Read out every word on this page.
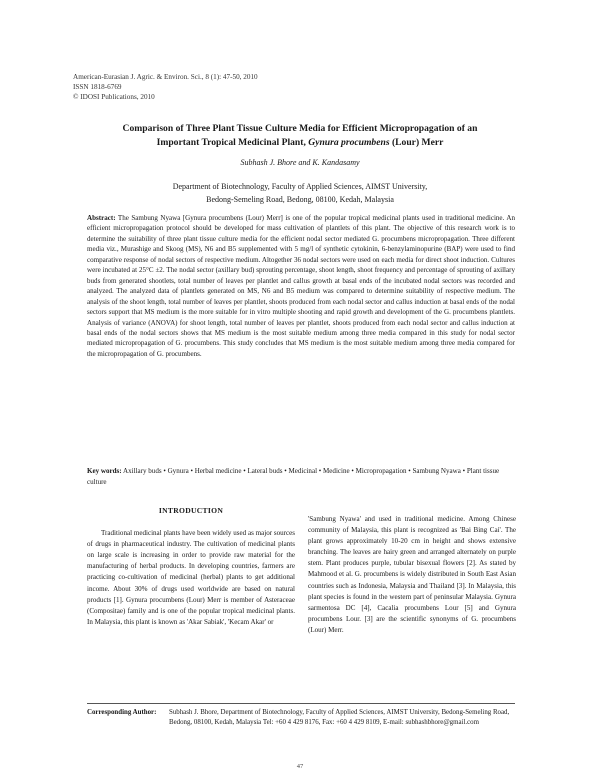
American-Eurasian J. Agric. & Environ. Sci., 8 (1): 47-50, 2010
ISSN 1818-6769
© IDOSI Publications, 2010
Comparison of Three Plant Tissue Culture Media for Efficient Micropropagation of an
Important Tropical Medicinal Plant, Gynura procumbens (Lour) Merr
Subhash J. Bhore and K. Kandasamy
Department of Biotechnology, Faculty of Applied Sciences, AIMST University,
Bedong-Semeling Road, Bedong, 08100, Kedah, Malaysia
Abstract: The Sambung Nyawa [Gynura procumbens (Lour) Merr] is one of the popular tropical medicinal plants used in traditional medicine. An efficient micropropagation protocol should be developed for mass cultivation of plantlets of this plant. The objective of this research work is to determine the suitability of three plant tissue culture media for the efficient nodal sector mediated G. procumbens micropropagation. Three different media viz., Murashige and Skoog (MS), N6 and B5 supplemented with 5 mg/l of synthetic cytokinin, 6-benzylaminopurine (BAP) were used to find comparative response of nodal sectors of respective medium. Altogether 36 nodal sectors were used on each media for direct shoot induction. Cultures were incubated at 25°C ±2. The nodal sector (axillary bud) sprouting percentage, shoot length, shoot frequency and percentage of sprouting of axillary buds from generated shootlets, total number of leaves per plantlet and callus growth at basal ends of the incubated nodal sectors was recorded and analyzed. The analyzed data of plantlets generated on MS, N6 and B5 medium was compared to determine suitability of respective medium. The analysis of the shoot length, total number of leaves per plantlet, shoots produced from each nodal sector and callus induction at basal ends of the nodal sectors support that MS medium is the more suitable for in vitro multiple shooting and rapid growth and development of the G. procumbens plantlets. Analysis of variance (ANOVA) for shoot length, total number of leaves per plantlet, shoots produced from each nodal sector and callus induction at basal ends of the nodal sectors shows that MS medium is the most suitable medium among three media compared in this study for nodal sector mediated micropropagation of G. procumbens. This study concludes that MS medium is the most suitable medium among three media compared for the micropropagation of G. procumbens.
Key words: Axillary buds • Gynura • Herbal medicine • Lateral buds • Medicinal • Medicine • Micropropagation • Sambung Nyawa • Plant tissue culture
INTRODUCTION

Traditional medicinal plants have been widely used as major sources of drugs in pharmaceutical industry. The cultivation of medicinal plants on large scale is increasing in order to provide raw material for the manufacturing of herbal products. In developing countries, farmers are practicing co-cultivation of medicinal (herbal) plants to get additional income. About 30% of drugs used worldwide are based on natural products [1]. Gynura procumbens (Lour) Merr is member of Asteraceae (Compositae) family and is one of the popular tropical medicinal plants. In Malaysia, this plant is known as 'Akar Sabiak', 'Kecam Akar' or

'Sambung Nyawa' and used in traditional medicine. Among Chinese community of Malaysia, this plant is recognized as 'Bai Bing Cai'. The plant grows approximately 10-20 cm in height and shows extensive branching. The leaves are hairy green and arranged alternately on purple stem. Plant produces purple, tubular bisexual flowers [2]. As stated by Mahmood et al. G. procumbens is widely distributed in South East Asian countries such as Indonesia, Malaysia and Thailand [3]. In Malaysia, this plant species is found in the western part of peninsular Malaysia. Gynura sarmentosa DC [4], Cacalia procumbens Lour [5] and Gynura procumbens Lour. [3] are the scientific synonyms of G. procumbens (Lour) Merr.

Corresponding Author: Subhash J. Bhore, Department of Biotechnology, Faculty of Applied Sciences, AIMST University, Bedong-Semeling Road, Bedong, 08100, Kedah, Malaysia Tel: +60 4 429 8176, Fax: +60 4 429 8109, E-mail: subhashbhore@gmail.com
47
